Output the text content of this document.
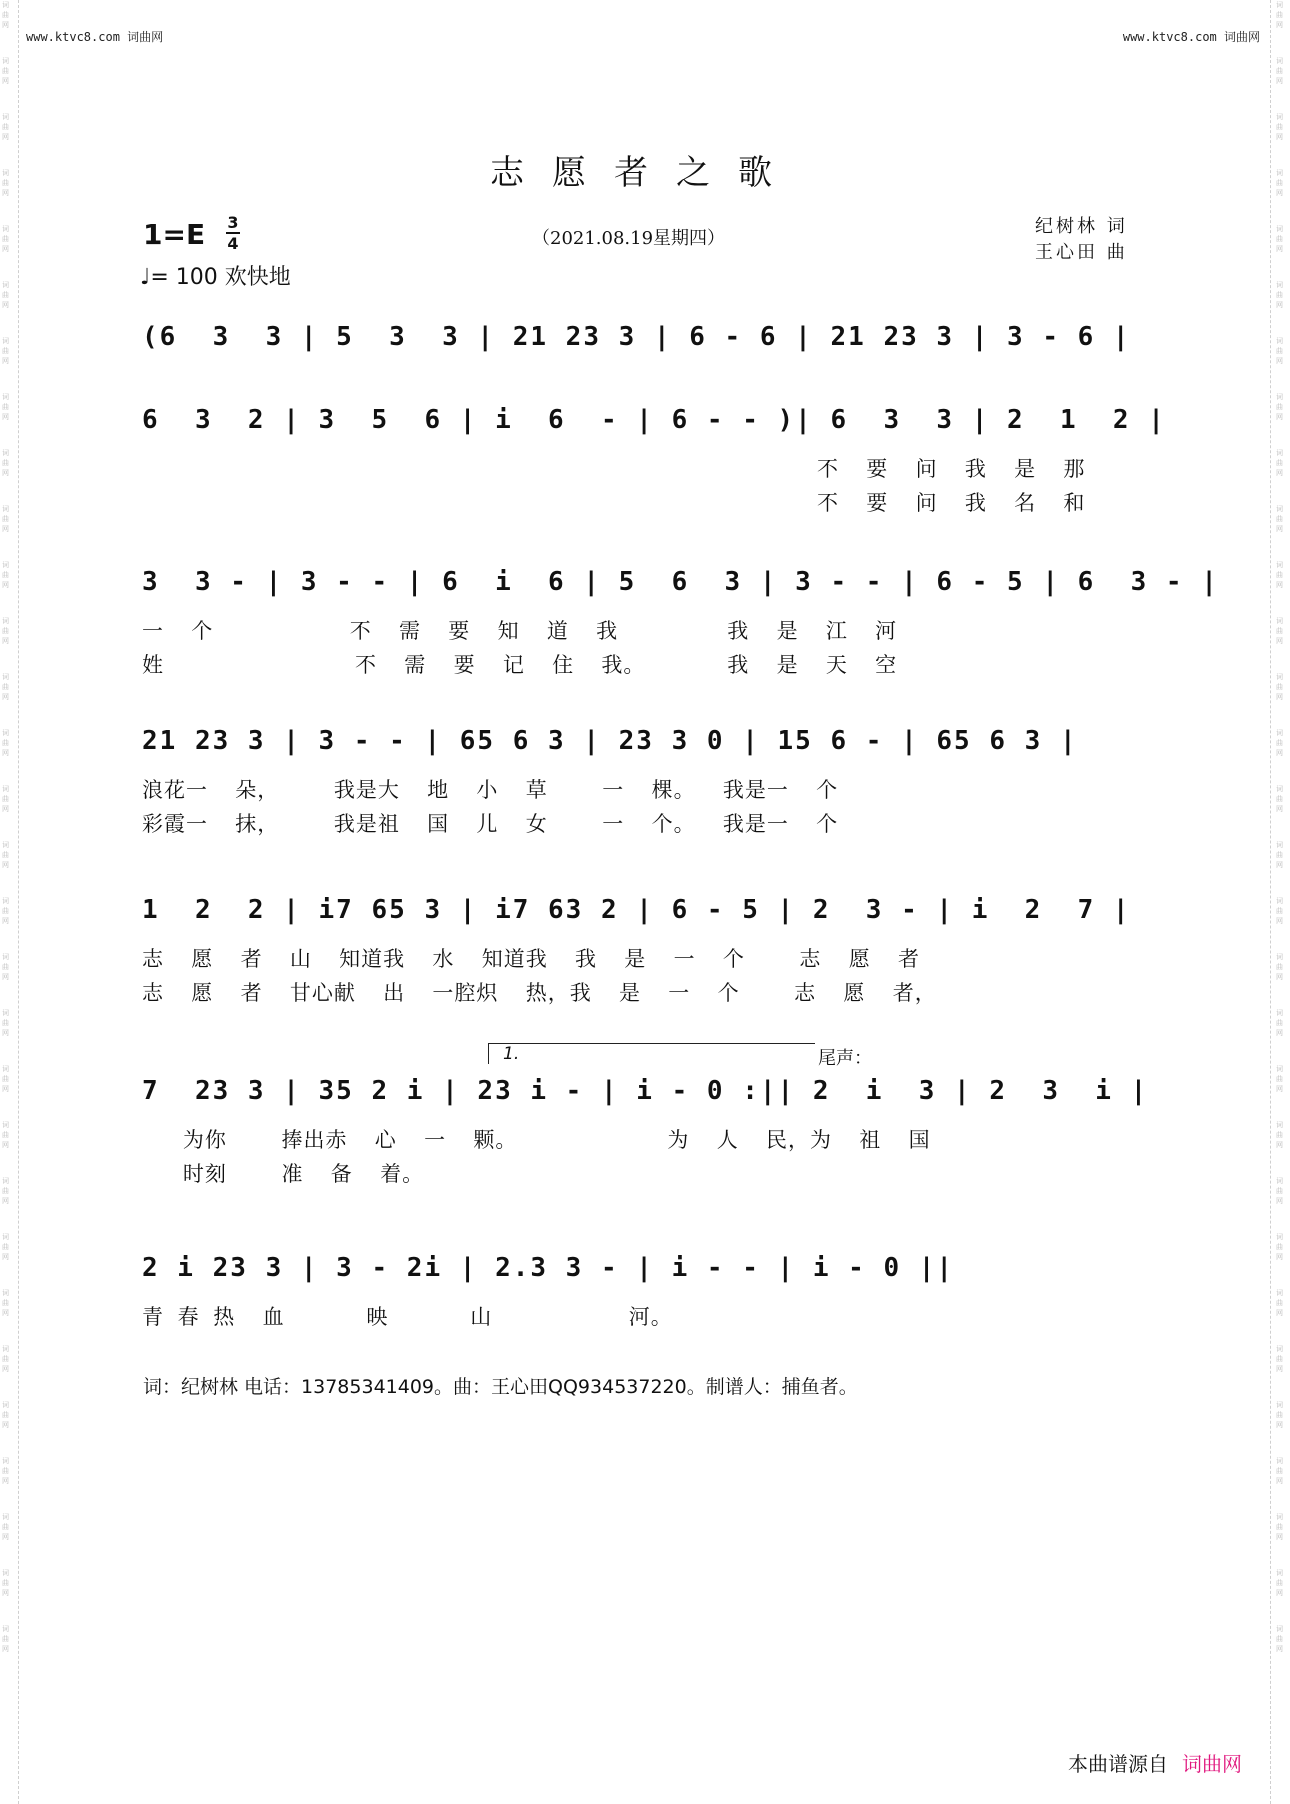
词曲网
词曲网
词曲网
词曲网
词曲网
词曲网
词曲网
词曲网
词曲网
词曲网
词曲网
词曲网
词曲网
词曲网
词曲网
词曲网
词曲网
词曲网
词曲网
词曲网
词曲网
词曲网
词曲网
词曲网
词曲网
词曲网
词曲网
词曲网
词曲网
词曲网
词曲网
词曲网
词曲网
词曲网
词曲网
词曲网
词曲网
词曲网
词曲网
词曲网
词曲网
词曲网
词曲网
词曲网
词曲网
词曲网
词曲网
词曲网
词曲网
词曲网
词曲网
词曲网
词曲网
词曲网
词曲网
词曲网
词曲网
词曲网
词曲网
词曲网
www.ktvc8.com 词曲网	www.ktvc8.com 词曲网
志愿者之歌
1=E 3
4
♩= 100 欢快地
（2021.08.19星期四）
纪树林 词
王心田 曲
(6  3  3 | 5  3  3 | 21 23 3 | 6 - 6 | 21 23 3 | 3 - 6 |
6  3  2 | 3  5  6 | i  6  - | 6 - - )| 6  3  3 | 2  1  2 |
不  要  问  我  是  那
不  要  问  我  名  和
3  3 - | 3 - - | 6  i  6 | 5  6  3 | 3 - - | 6 - 5 | 6  3 - |
一  个          不  需  要  知  道  我        我  是  江  河
姓              不  需  要  记  住  我。      我  是  天  空
21 23 3 | 3 - - | 65 6 3 | 23 3 0 | 15 6 - | 65 6 3 |
浪花一  朵，    我是大  地  小  草    一  棵。  我是一  个
彩霞一  抹，    我是祖  国  儿  女    一  个。  我是一  个
1  2  2 | i7 65 3 | i7 63 2 | 6 - 5 | 2  3 - | i  2  7 |
志  愿  者  山  知道我  水  知道我  我  是  一  个    志  愿  者
志  愿  者  甘心献  出  一腔炽  热，我  是  一  个    志  愿  者，
1.	尾声：
7  23 3 | 35 2 i | 23 i - | i - 0 :|| 2  i  3 | 2  3  i |
为你    捧出赤  心  一  颗。           为  人  民，为  祖  国
时刻    准  备  着。
2 i 23 3 | 3 - 2i | 2.3 3 - | i - - | i - 0 ||
青 春 热  血      映      山          河。
词：纪树林 电话：13785341409。曲：王心田QQ934537220。制谱人：捕鱼者。
本曲谱源自 词曲网
